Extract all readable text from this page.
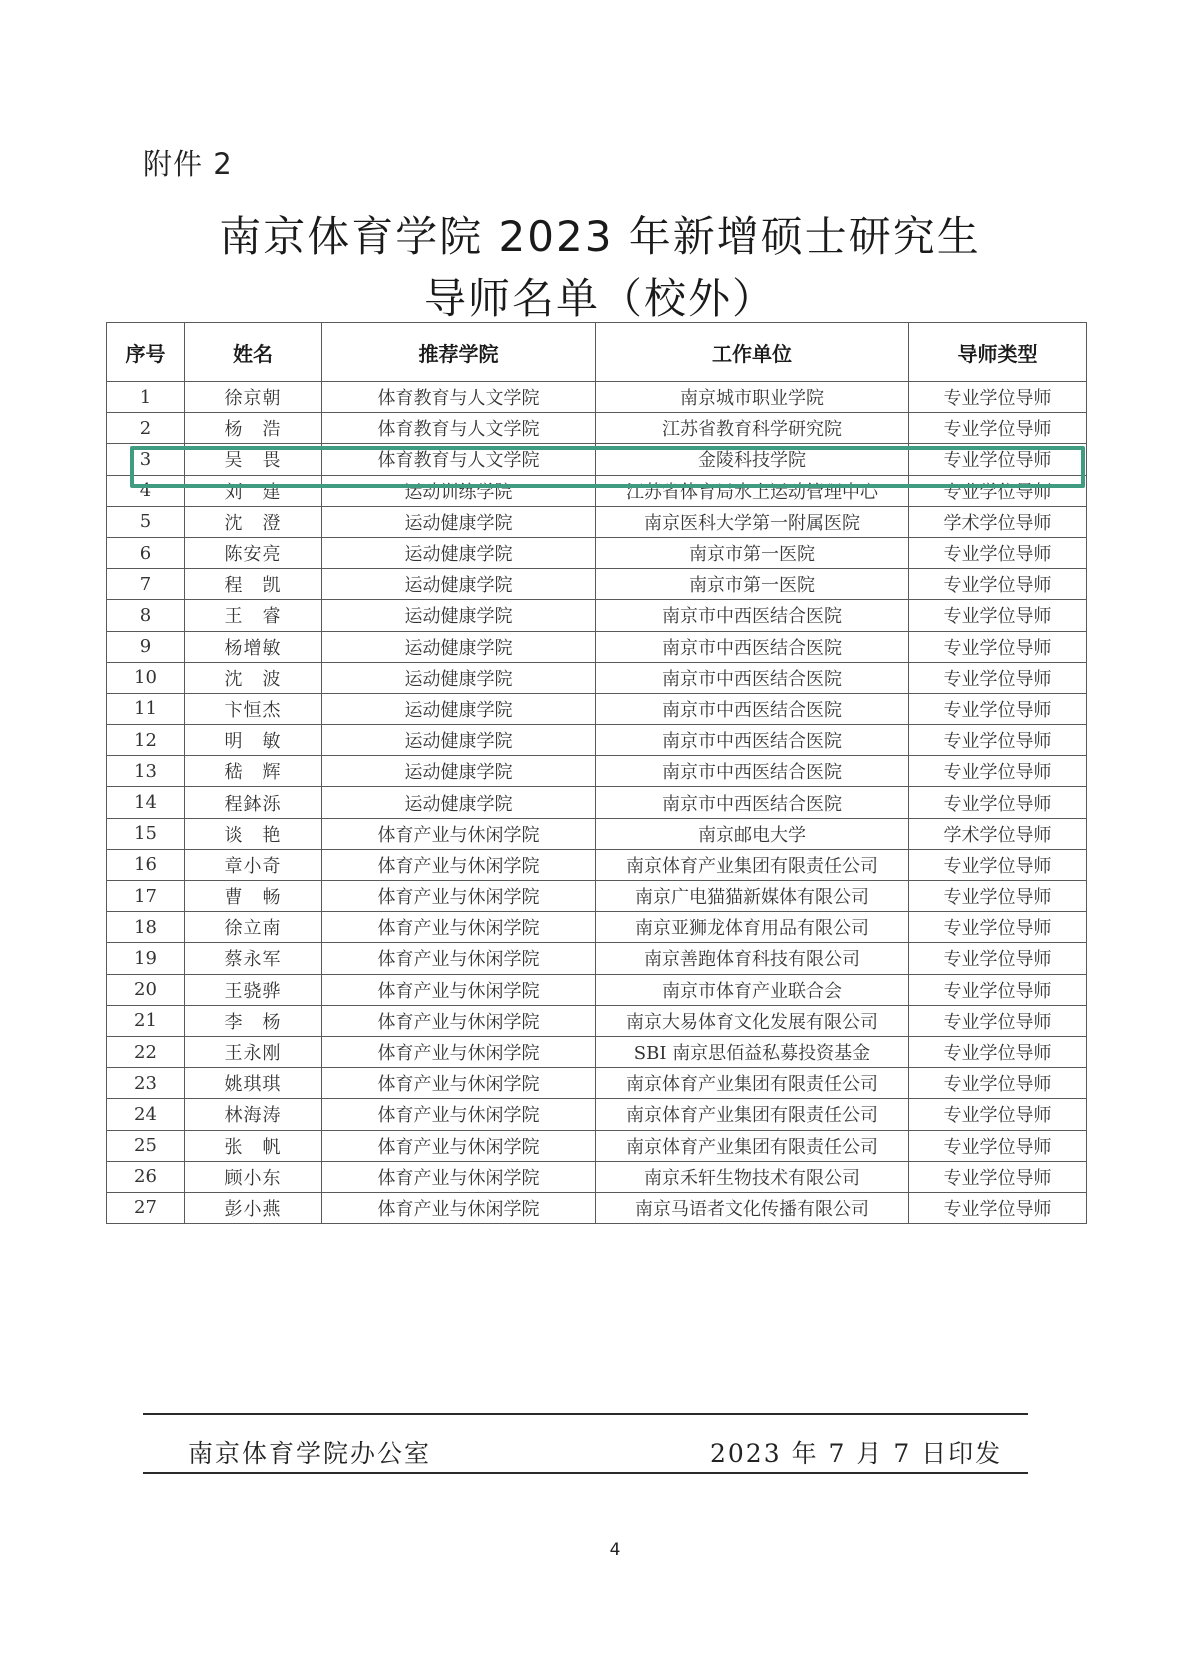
附件 2
南京体育学院 2023 年新增硕士研究生
导师名单（校外）
序号	姓名	推荐学院	工作单位	导师类型
1	徐京朝	体育教育与人文学院	南京城市职业学院	专业学位导师
2	杨　浩	体育教育与人文学院	江苏省教育科学研究院	专业学位导师
3	吴　畏	体育教育与人文学院	金陵科技学院	专业学位导师
4	刘　建	运动训练学院	江苏省体育局水上运动管理中心	专业学位导师
5	沈　澄	运动健康学院	南京医科大学第一附属医院	学术学位导师
6	陈安亮	运动健康学院	南京市第一医院	专业学位导师
7	程　凯	运动健康学院	南京市第一医院	专业学位导师
8	王　睿	运动健康学院	南京市中西医结合医院	专业学位导师
9	杨增敏	运动健康学院	南京市中西医结合医院	专业学位导师
10	沈　波	运动健康学院	南京市中西医结合医院	专业学位导师
11	卞恒杰	运动健康学院	南京市中西医结合医院	专业学位导师
12	明　敏	运动健康学院	南京市中西医结合医院	专业学位导师
13	嵇　辉	运动健康学院	南京市中西医结合医院	专业学位导师
14	程鉢泺	运动健康学院	南京市中西医结合医院	专业学位导师
15	谈　艳	体育产业与休闲学院	南京邮电大学	学术学位导师
16	章小奇	体育产业与休闲学院	南京体育产业集团有限责任公司	专业学位导师
17	曹　畅	体育产业与休闲学院	南京广电猫猫新媒体有限公司	专业学位导师
18	徐立南	体育产业与休闲学院	南京亚狮龙体育用品有限公司	专业学位导师
19	蔡永军	体育产业与休闲学院	南京善跑体育科技有限公司	专业学位导师
20	王骁骅	体育产业与休闲学院	南京市体育产业联合会	专业学位导师
21	李　杨	体育产业与休闲学院	南京大易体育文化发展有限公司	专业学位导师
22	王永刚	体育产业与休闲学院	SBI 南京思佰益私募投资基金	专业学位导师
23	姚琪琪	体育产业与休闲学院	南京体育产业集团有限责任公司	专业学位导师
24	林海涛	体育产业与休闲学院	南京体育产业集团有限责任公司	专业学位导师
25	张　帆	体育产业与休闲学院	南京体育产业集团有限责任公司	专业学位导师
26	顾小东	体育产业与休闲学院	南京禾轩生物技术有限公司	专业学位导师
27	彭小燕	体育产业与休闲学院	南京马语者文化传播有限公司	专业学位导师
南京体育学院办公室	2023 年 7 月 7 日印发
4
